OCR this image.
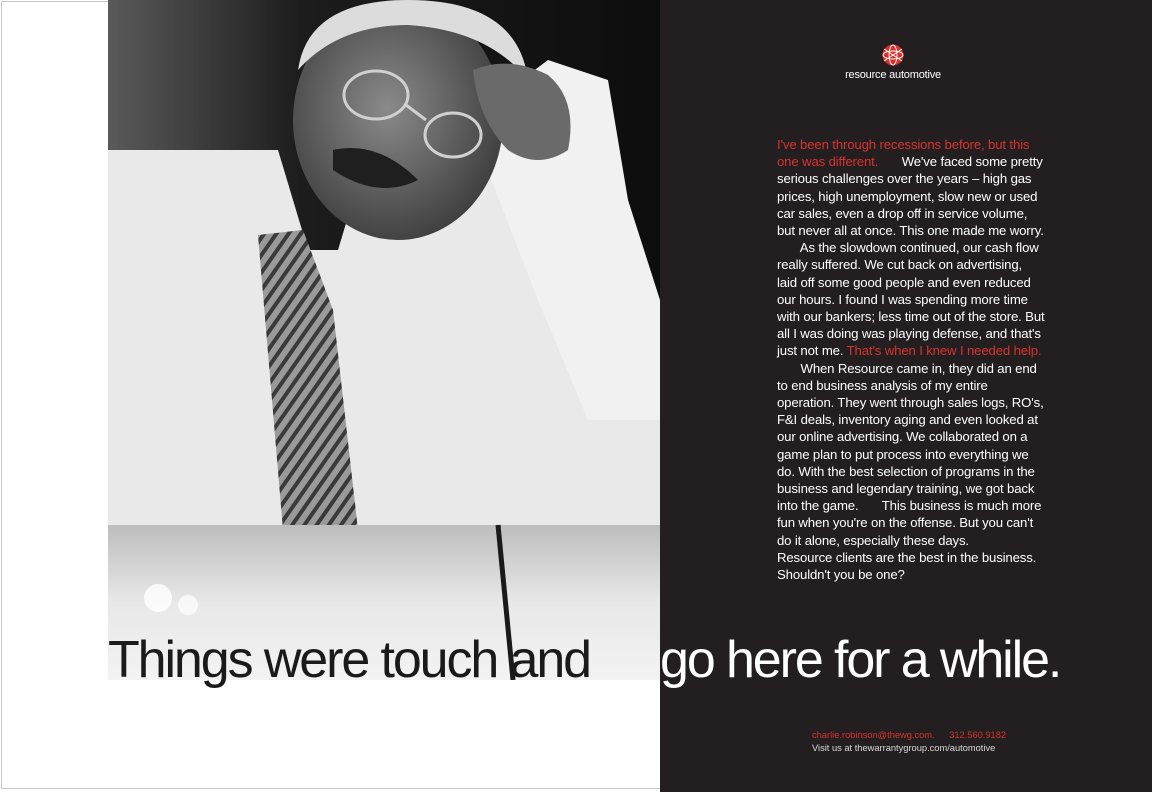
resource automotive
I've been through recessions before, but this one was different. We've faced some pretty serious challenges over the years – high gas prices, high unemployment, slow new or used car sales, even a drop off in service volume, but never all at once. This one made me worry. As the slowdown continued, our cash flow really suffered. We cut back on advertising, laid off some good people and even reduced our hours. I found I was spending more time with our bankers; less time out of the store. But all I was doing was playing defense, and that's just not me. That's when I knew I needed help. When Resource came in, they did an end to end business analysis of my entire operation. They went through sales logs, RO's, F&I deals, inventory aging and even looked at our online advertising. We collaborated on a game plan to put process into everything we do. With the best selection of programs in the business and legendary training, we got back into the game. This business is much more fun when you're on the offense. But you can't do it alone, especially these days. Resource clients are the best in the business. Shouldn't you be one?
Things were touch and	go here for a while.
charlie.robinson@thewg.com. 312.560.9182
Visit us at thewarrantygroup.com/automotive
